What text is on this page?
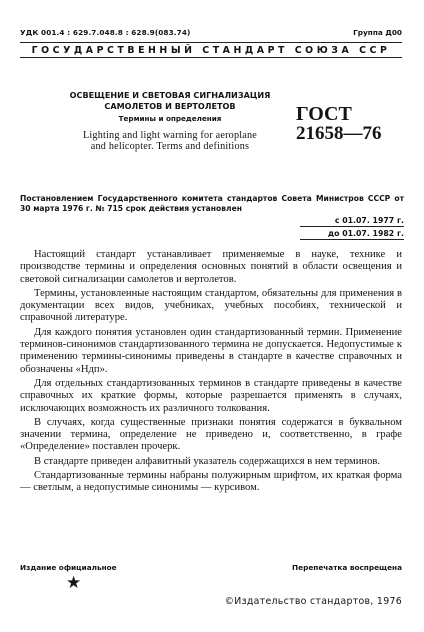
УДК 001.4 : 629.7.048.8 : 628.9(083.74)	Группа Д00
ГОСУДАРСТВЕННЫЙ СТАНДАРТ СОЮЗА ССР
ОСВЕЩЕНИЕ И СВЕТОВАЯ СИГНАЛИЗАЦИЯ
САМОЛЕТОВ И ВЕРТОЛЕТОВ
Термины и определения
Lighting and light warning for aeroplane
and helicopter. Terms and definitions
ГОСТ
21658—76
Постановлением Государственного комитета стандартов Совета Министров СССР от 30 марта 1976 г. № 715 срок действия установлен
с 01.07. 1977 г.
до 01.07. 1982 г.

Настоящий стандарт устанавливает применяемые в науке, технике и производстве термины и определения основных понятий в области освещения и световой сигнализации самолетов и вертолетов.

Термины, установленные настоящим стандартом, обязательны для применения в документации всех видов, учебниках, учебных пособиях, технической и справочной литературе.

Для каждого понятия установлен один стандартизованный термин. Применение терминов-синонимов стандартизованного термина не допускается. Недопустимые к применению термины-синонимы приведены в стандарте в качестве справочных и обозначены «Ндп».

Для отдельных стандартизованных терминов в стандарте приведены в качестве справочных их краткие формы, которые разрешается применять в случаях, исключающих возможность их различного толкования.

В случаях, когда существенные признаки понятия содержатся в буквальном значении термина, определение не приведено и, соответственно, в графе «Определение» поставлен прочерк.

В стандарте приведен алфавитный указатель содержащихся в нем терминов.

Стандартизованные термины набраны полужирным шрифтом, их краткая форма — светлым, а недопустимые синонимы — курсивом.

Издание официальное	Перепечатка воспрещена
★
©Издательство стандартов, 1976
